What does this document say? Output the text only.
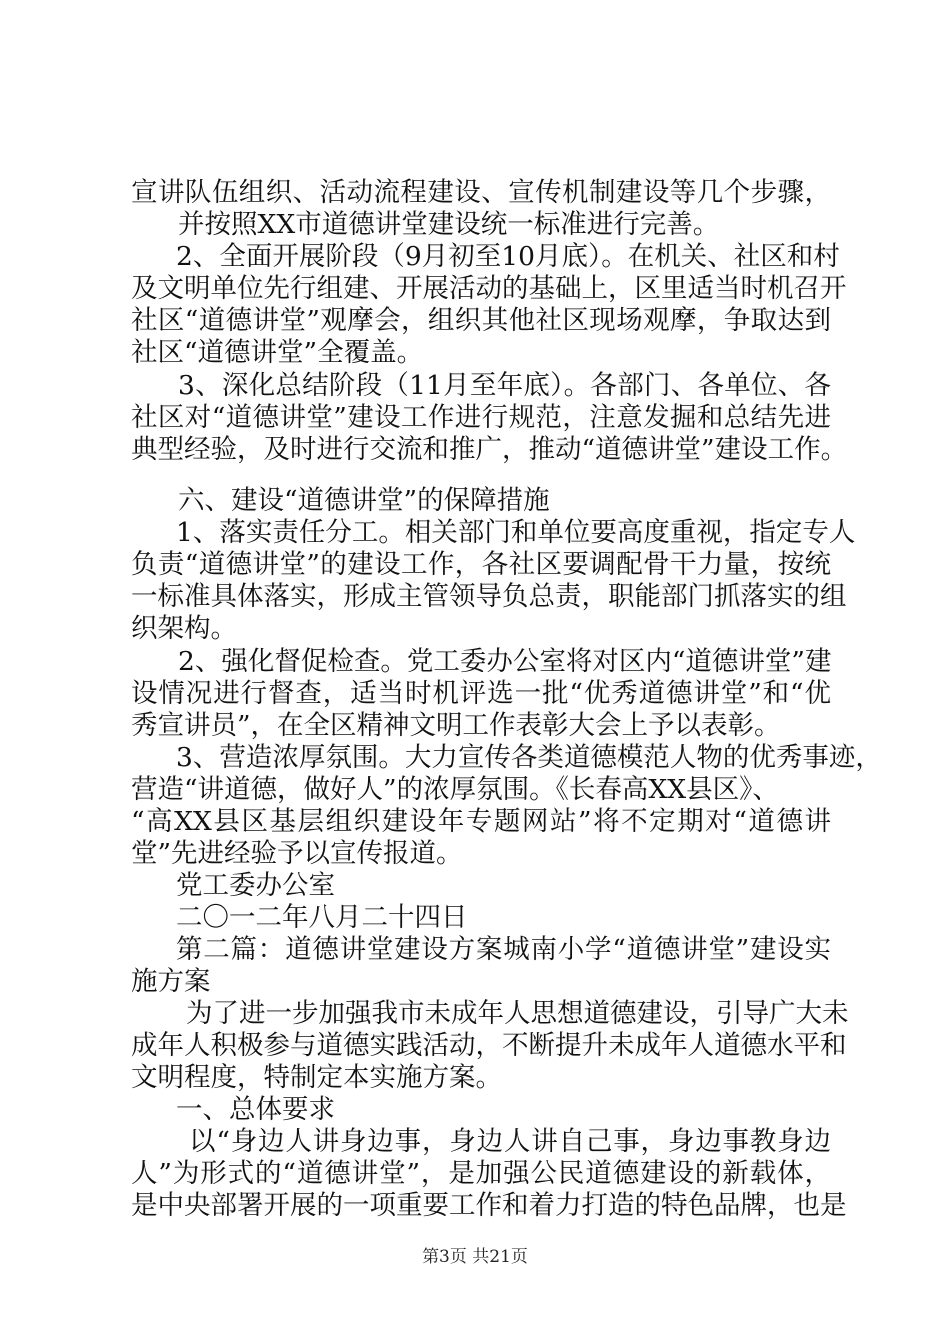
宣讲队伍组织、活动流程建设、宣传机制建设等几个步骤，
并按照XX市道德讲堂建设统一标准进行完善。
2、全面开展阶段（9月初至10月底）。在机关、社区和村
及文明单位先行组建、开展活动的基础上，区里适当时机召开
社区“道德讲堂”观摩会，组织其他社区现场观摩，争取达到
社区“道德讲堂”全覆盖。
3、深化总结阶段（11月至年底）。各部门、各单位、各
社区对“道德讲堂”建设工作进行规范，注意发掘和总结先进
典型经验，及时进行交流和推广，推动“道德讲堂”建设工作。
六、建设“道德讲堂”的保障措施
1、落实责任分工。相关部门和单位要高度重视，指定专人
负责“道德讲堂”的建设工作，各社区要调配骨干力量，按统
一标准具体落实，形成主管领导负总责，职能部门抓落实的组
织架构。
2、强化督促检查。党工委办公室将对区内“道德讲堂”建
设情况进行督查，适当时机评选一批“优秀道德讲堂”和“优
秀宣讲员”，在全区精神文明工作表彰大会上予以表彰。
3、营造浓厚氛围。大力宣传各类道德模范人物的优秀事迹，
营造“讲道德，做好人”的浓厚氛围。《长春高XX县区》、
“高XX县区基层组织建设年专题网站”将不定期对“道德讲
堂”先进经验予以宣传报道。
党工委办公室
二〇一二年八月二十四日
第二篇：道德讲堂建设方案城南小学“道德讲堂”建设实
施方案
为了进一步加强我市未成年人思想道德建设，引导广大未
成年人积极参与道德实践活动，不断提升未成年人道德水平和
文明程度，特制定本实施方案。
一、总体要求
以“身边人讲身边事，身边人讲自己事，身边事教身边
人”为形式的“道德讲堂”，是加强公民道德建设的新载体，
是中央部署开展的一项重要工作和着力打造的特色品牌，也是
第3页 共21页
